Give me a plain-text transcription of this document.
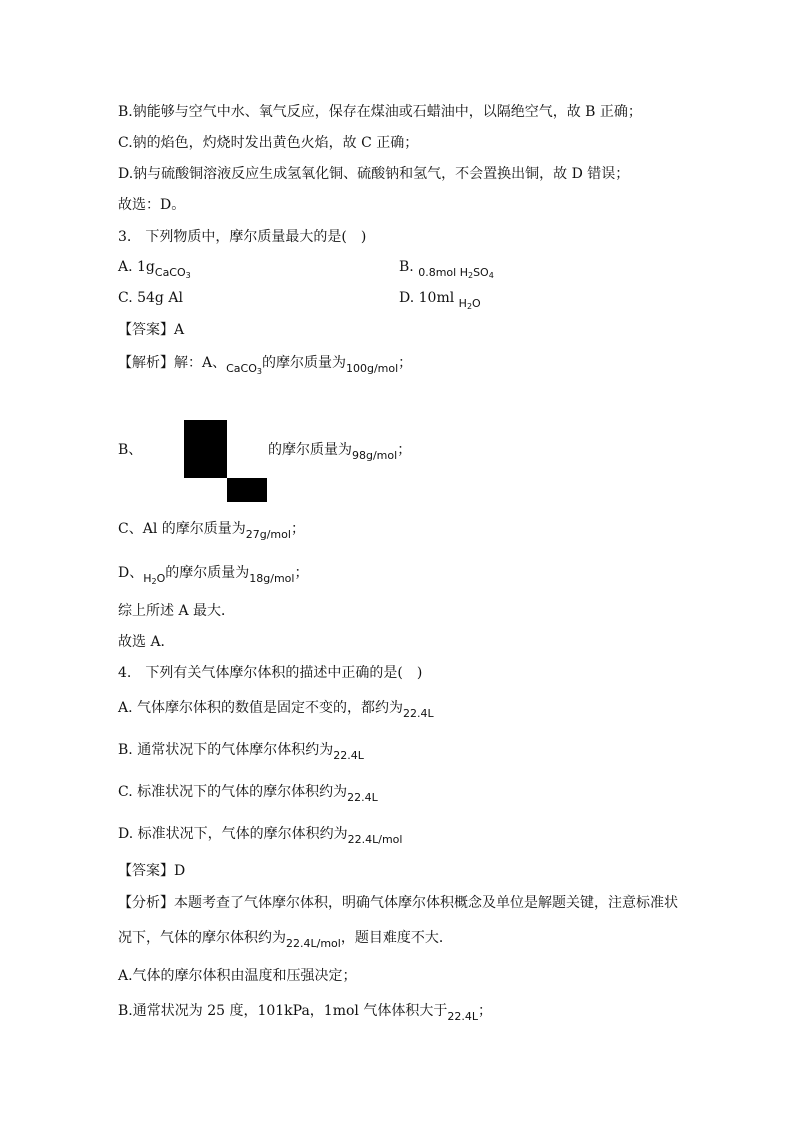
B.钠能够与空气中水、氧气反应，保存在煤油或石蜡油中，以隔绝空气，故 B 正确；
C.钠的焰色，灼烧时发出黄色火焰，故 C 正确；
D.钠与硫酸铜溶液反应生成氢氧化铜、硫酸钠和氢气，不会置换出铜，故 D 错误；
故选：D。
3.　下列物质中，摩尔质量最大的是(　)
A. $1g_{CaCO3}$
B. $_{0.8mol H2SO4}$
C. 54g Al	D. 10ml $_{H2O}$
【答案】A
【解析】解：A、$_{CaCO3}$的摩尔质量为$_{100g/mol}$；
B、	的摩尔质量为$_{98g/mol}$；
C、Al 的摩尔质量为$_{27g/mol}$；
D、$_{H2O}$的摩尔质量为$_{18g/mol}$；
综上所述 A 最大．
故选 A．
4.　下列有关气体摩尔体积的描述中正确的是(　)
A. 气体摩尔体积的数值是固定不变的，都约为$_{22.4L}$
B. 通常状况下的气体摩尔体积约为$_{22.4L}$
C. 标准状况下的气体的摩尔体积约为$_{22.4L}$
D. 标准状况下，气体的摩尔体积约为$_{22.4L/mol}$
【答案】D
【分析】本题考查了气体摩尔体积，明确气体摩尔体积概念及单位是解题关键，注意标准状
况下，气体的摩尔体积约为$_{22.4L/mol}$，题目难度不大．
A.气体的摩尔体积由温度和压强决定；
B.通常状况为 25 度，101kPa，1mol 气体体积大于$_{22.4L}$；
